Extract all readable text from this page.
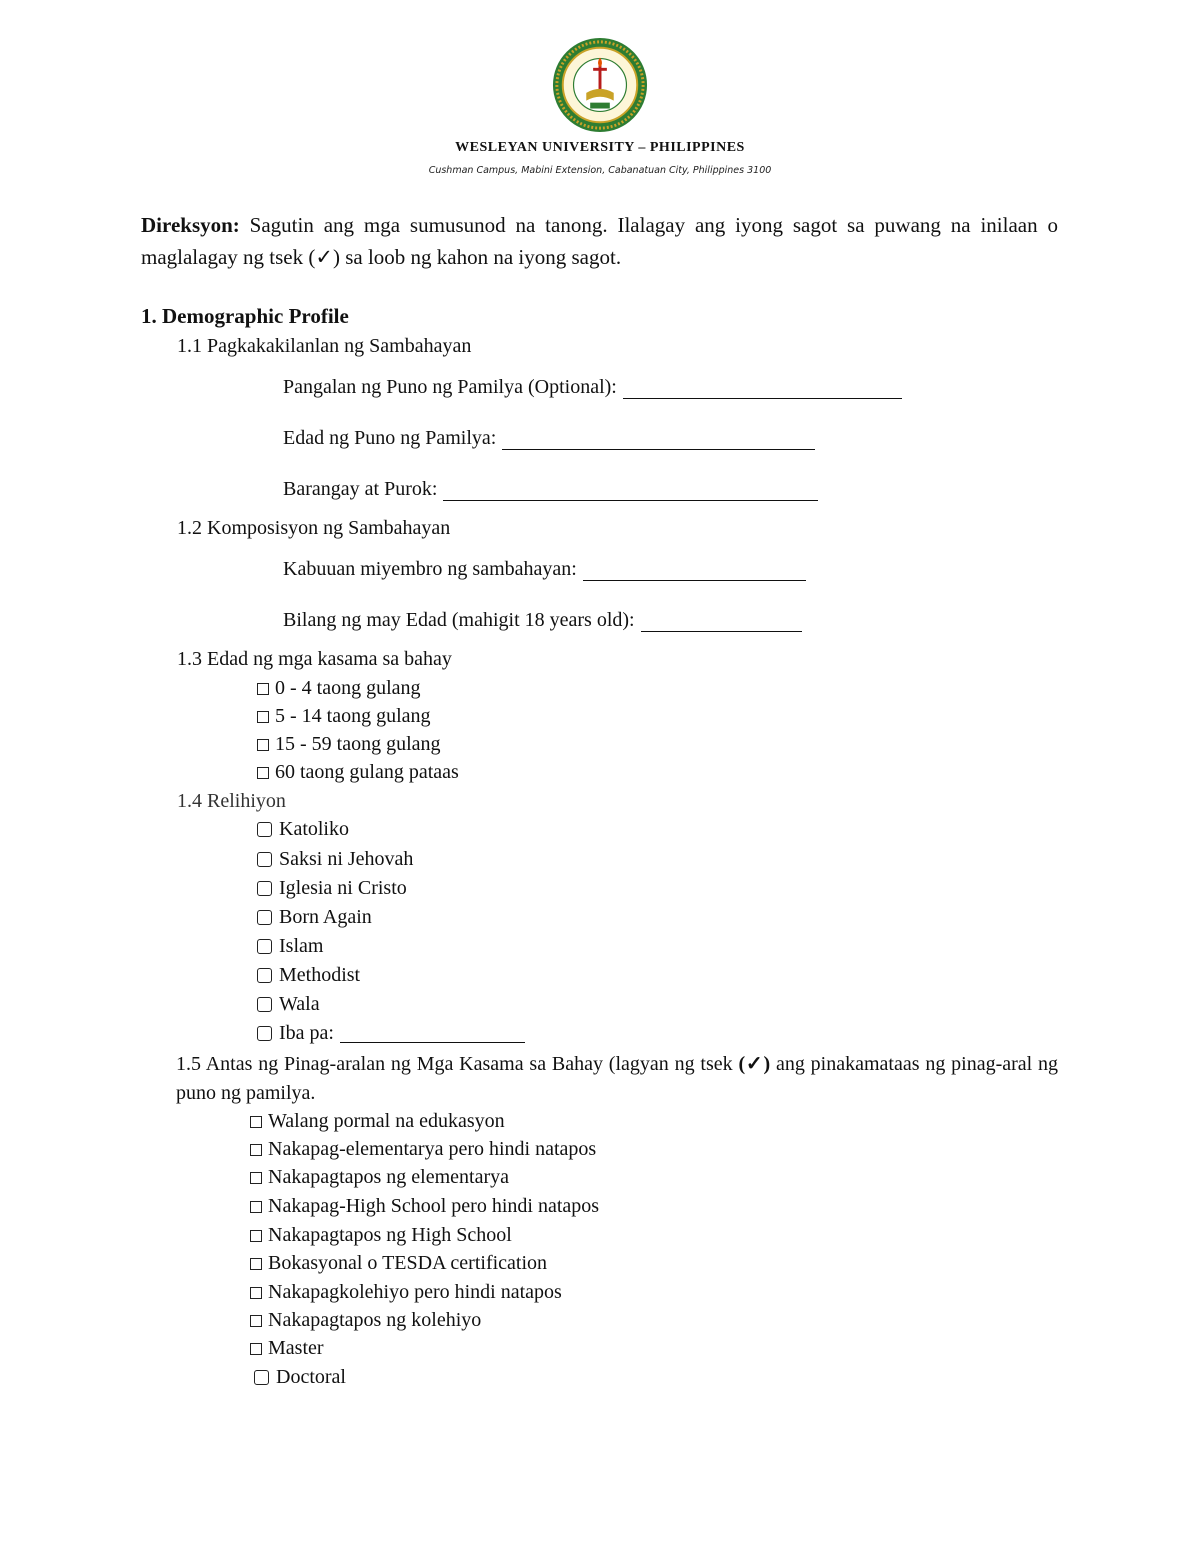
WESLEYAN UNIVERSITY – PHILIPPINES
Cushman Campus, Mabini Extension, Cabanatuan City, Philippines 3100
Direksyon: Sagutin ang mga sumusunod na tanong. Ilalagay ang iyong sagot sa puwang na inilaan o maglalagay ng tsek (✓) sa loob ng kahon na iyong sagot.
1. Demographic Profile
1.1 Pagkakakilanlan ng Sambahayan
Pangalan ng Puno ng Pamilya (Optional):
Edad ng Puno ng Pamilya:
Barangay at Purok:
1.2 Komposisyon ng Sambahayan
Kabuuan miyembro ng sambahayan:
Bilang ng may Edad (mahigit 18 years old):
1.3 Edad ng mga kasama sa bahay
0 - 4 taong gulang
5 - 14 taong gulang
15 - 59 taong gulang
60 taong gulang pataas
1.4 Relihiyon
Katoliko
Saksi ni Jehovah
Iglesia ni Cristo
Born Again
Islam
Methodist
Wala
Iba pa:
1.5 Antas ng Pinag-aralan ng Mga Kasama sa Bahay (lagyan ng tsek (✓) ang pinakamataas ng pinag-aral ng puno ng pamilya.
Walang pormal na edukasyon
Nakapag-elementarya pero hindi natapos
Nakapagtapos ng elementarya
Nakapag-High School pero hindi natapos
Nakapagtapos ng High School
Bokasyonal o TESDA certification
Nakapagkolehiyo pero hindi natapos
Nakapagtapos ng kolehiyo
Master
Doctoral
